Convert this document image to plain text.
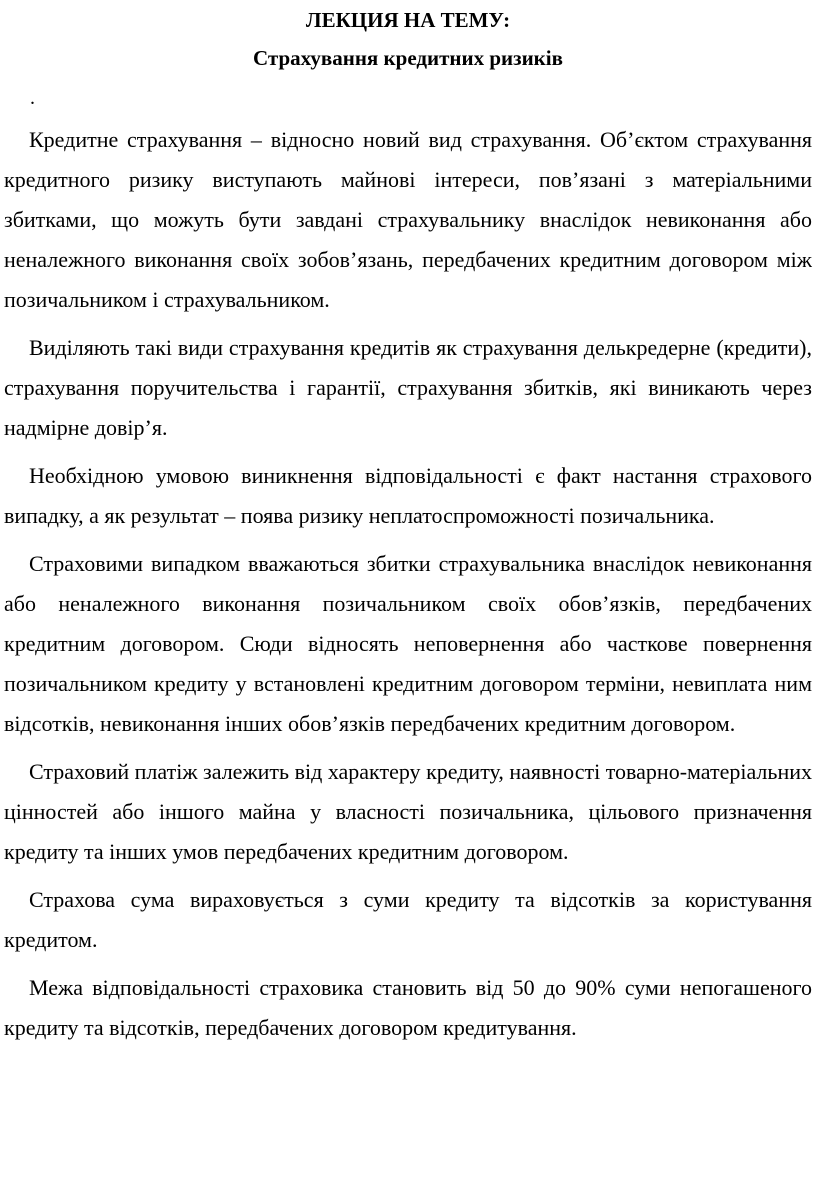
ЛЕКЦИЯ НА ТЕМУ:
Страхування кредитних ризиків
.

Кредитне страхування – відносно новий вид страхування. Об’єктом страхування кредитного ризику виступають майнові інтереси, пов’язані з матеріальними збитками, що можуть бути завдані страхувальнику внаслідок невиконання або неналежного виконання своїх зобов’язань, передбачених кредитним договором між позичальником і страхувальником.

Виділяють такі види страхування кредитів як страхування делькредерне (кредити), страхування поручительства і гарантії, страхування збитків, які виникають через надмірне довір’я.

Необхідною умовою виникнення відповідальності є факт настання страхового випадку, а як результат – поява ризику неплатоспроможності позичальника.

Страховими випадком вважаються збитки страхувальника внаслідок невиконання або неналежного виконання позичальником своїх обов’язків, передбачених кредитним договором. Сюди відносять неповернення або часткове повернення позичальником кредиту у встановлені кредитним договором терміни, невиплата ним відсотків, невиконання інших обов’язків передбачених кредитним договором.

Страховий платіж залежить від характеру кредиту, наявності товарно-матеріальних цінностей або іншого майна у власності позичальника, цільового призначення кредиту та інших умов передбачених кредитним договором.

Страхова сума вираховується з суми кредиту та відсотків за користування кредитом.

Межа відповідальності страховика становить від 50 до 90% суми непогашеного кредиту та відсотків, передбачених договором кредитування.
